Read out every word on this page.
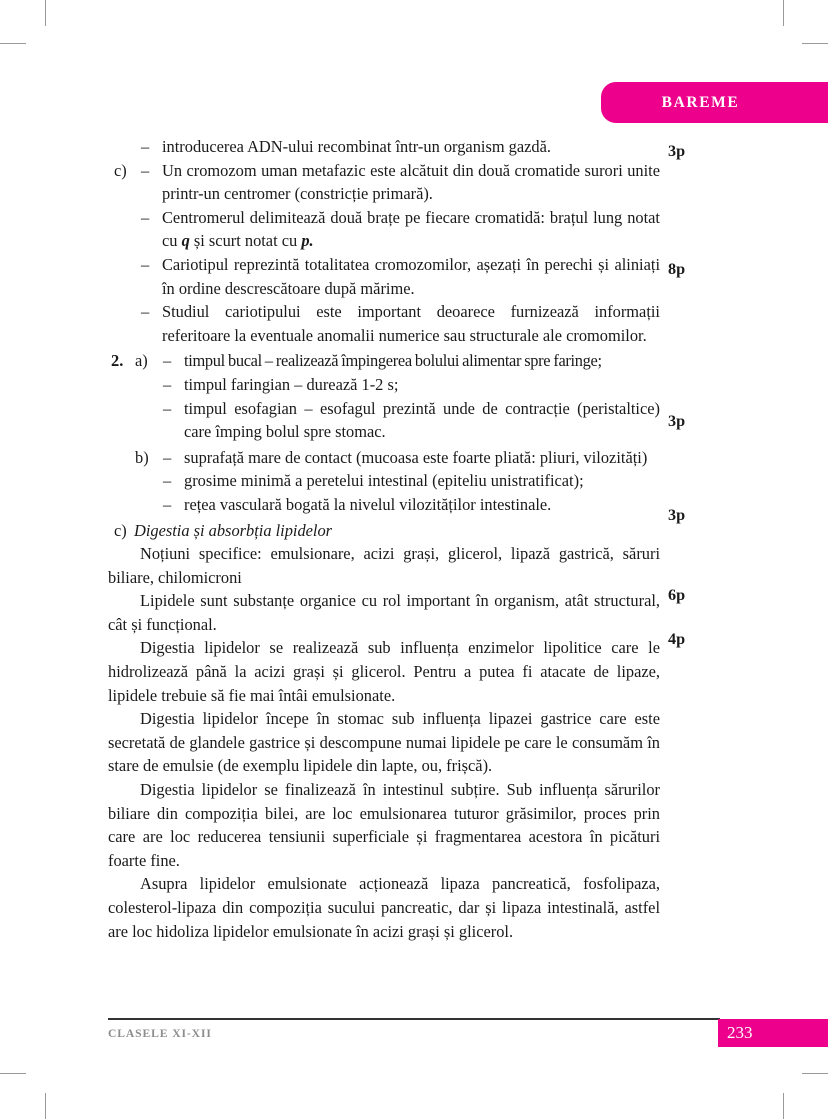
BAREME
– introducerea ADN-ului recombinat într-un organism gazdă.
c) – Un cromozom uman metafazic este alcătuit din două cromatide surori unite printr-un centromer (constricție primară).
– Centromerul delimitează două brațe pe fiecare cromatidă: brațul lung notat cu q și scurt notat cu p.
– Cariotipul reprezintă totalitatea cromozomilor, așezați în perechi și aliniați în ordine descrescătoare după mărime.
– Studiul cariotipului este important deoarece furnizează informații referitoare la eventuale anomalii numerice sau structurale ale cromomilor.
2. a) – timpul bucal – realizează împingerea bolului alimentar spre faringe;
– timpul faringian – durează 1-2 s;
– timpul esofagian – esofagul prezintă unde de contracție (peristaltice) care împing bolul spre stomac.
b) – suprafață mare de contact (mucoasa este foarte pliată: pliuri, vilozități)
– grosime minimă a peretelui intestinal (epiteliu unistratificat);
– rețea vasculară bogată la nivelul vilozităților intestinale.
c) Digestia și absorbția lipidelor
Noțiuni specifice: emulsionare, acizi grași, glicerol, lipază gastrică, săruri biliare, chilomicroni
Lipidele sunt substanțe organice cu rol important în organism, atât structural, cât și funcțional.
Digestia lipidelor se realizează sub influența enzimelor lipolitice care le hidrolizează până la acizi grași și glicerol. Pentru a putea fi atacate de lipaze, lipidele trebuie să fie mai întâi emulsionate.
Digestia lipidelor începe în stomac sub influența lipazei gastrice care este secretată de glandele gastrice și descompune numai lipidele pe care le consumăm în stare de emulsie (de exemplu lipidele din lapte, ou, frișcă).
Digestia lipidelor se finalizează în intestinul subțire. Sub influența sărurilor biliare din compoziția bilei, are loc emulsionarea tuturor grăsimilor, proces prin care are loc reducerea tensiunii superficiale și fragmentarea acestora în picături foarte fine.
Asupra lipidelor emulsionate acționează lipaza pancreatică, fosfolipaza, colesterol-lipaza din compoziția sucului pancreatic, dar și lipaza intestinală, astfel are loc hidoliza lipidelor emulsionate în acizi grași și glicerol.
3p
8p
3p
3p
6p
4p
CLASELE XI-XII	233
